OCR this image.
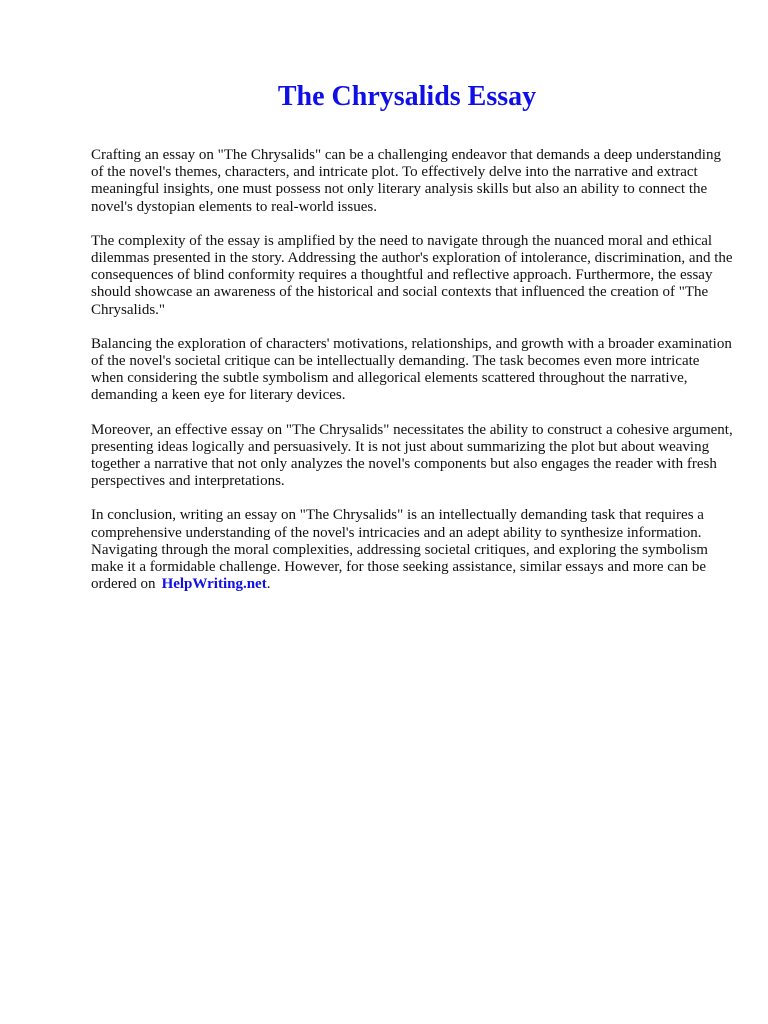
The Chrysalids Essay

Crafting an essay on "The Chrysalids" can be a challenging endeavor that demands a deep understanding of the novel's themes, characters, and intricate plot. To effectively delve into the narrative and extract meaningful insights, one must possess not only literary analysis skills but also an ability to connect the novel's dystopian elements to real-world issues.

The complexity of the essay is amplified by the need to navigate through the nuanced moral and ethical dilemmas presented in the story. Addressing the author's exploration of intolerance, discrimination, and the consequences of blind conformity requires a thoughtful and reflective approach. Furthermore, the essay should showcase an awareness of the historical and social contexts that influenced the creation of "The Chrysalids."

Balancing the exploration of characters' motivations, relationships, and growth with a broader examination of the novel's societal critique can be intellectually demanding. The task becomes even more intricate when considering the subtle symbolism and allegorical elements scattered throughout the narrative, demanding a keen eye for literary devices.

Moreover, an effective essay on "The Chrysalids" necessitates the ability to construct a cohesive argument, presenting ideas logically and persuasively. It is not just about summarizing the plot but about weaving together a narrative that not only analyzes the novel's components but also engages the reader with fresh perspectives and interpretations.

In conclusion, writing an essay on "The Chrysalids" is an intellectually demanding task that requires a comprehensive understanding of the novel's intricacies and an adept ability to synthesize information. Navigating through the moral complexities, addressing societal critiques, and exploring the symbolism make it a formidable challenge. However, for those seeking assistance, similar essays and more can be ordered on HelpWriting.net.
